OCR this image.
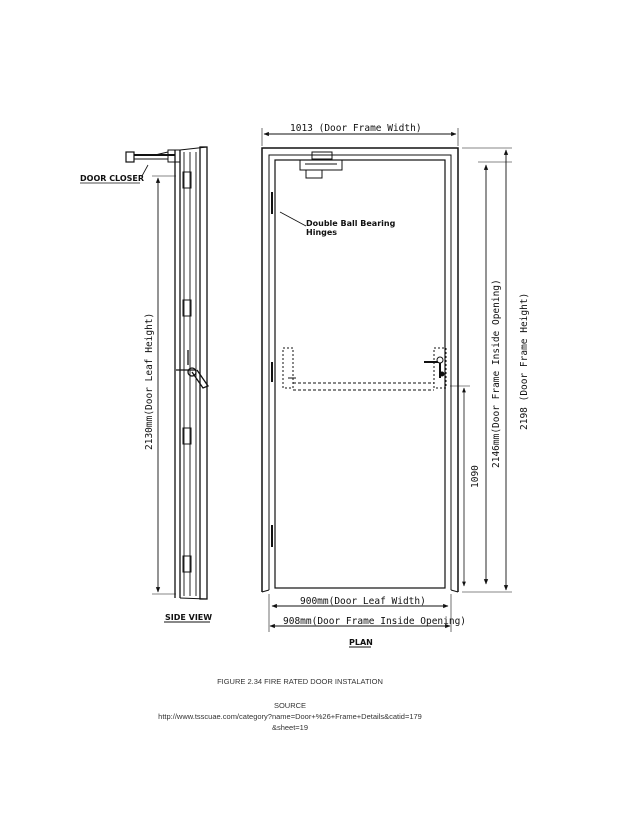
DOOR CLOSER
2130mm(Door Leaf Height)
SIDE VIEW
1013 (Door Frame Width)
Double Ball Bearing
Hinges
2146mm(Door Frame Inside Opening) 2198 (Door Frame Height)
1090
900mm(Door Leaf Width)
908mm(Door Frame Inside Opening)
PLAN
FIGURE 2.34 FIRE RATED DOOR INSTALATION
SOURCE
http://www.tsscuae.com/category?name=Door+%26+Frame+Details&catid=179
&sheet=19
